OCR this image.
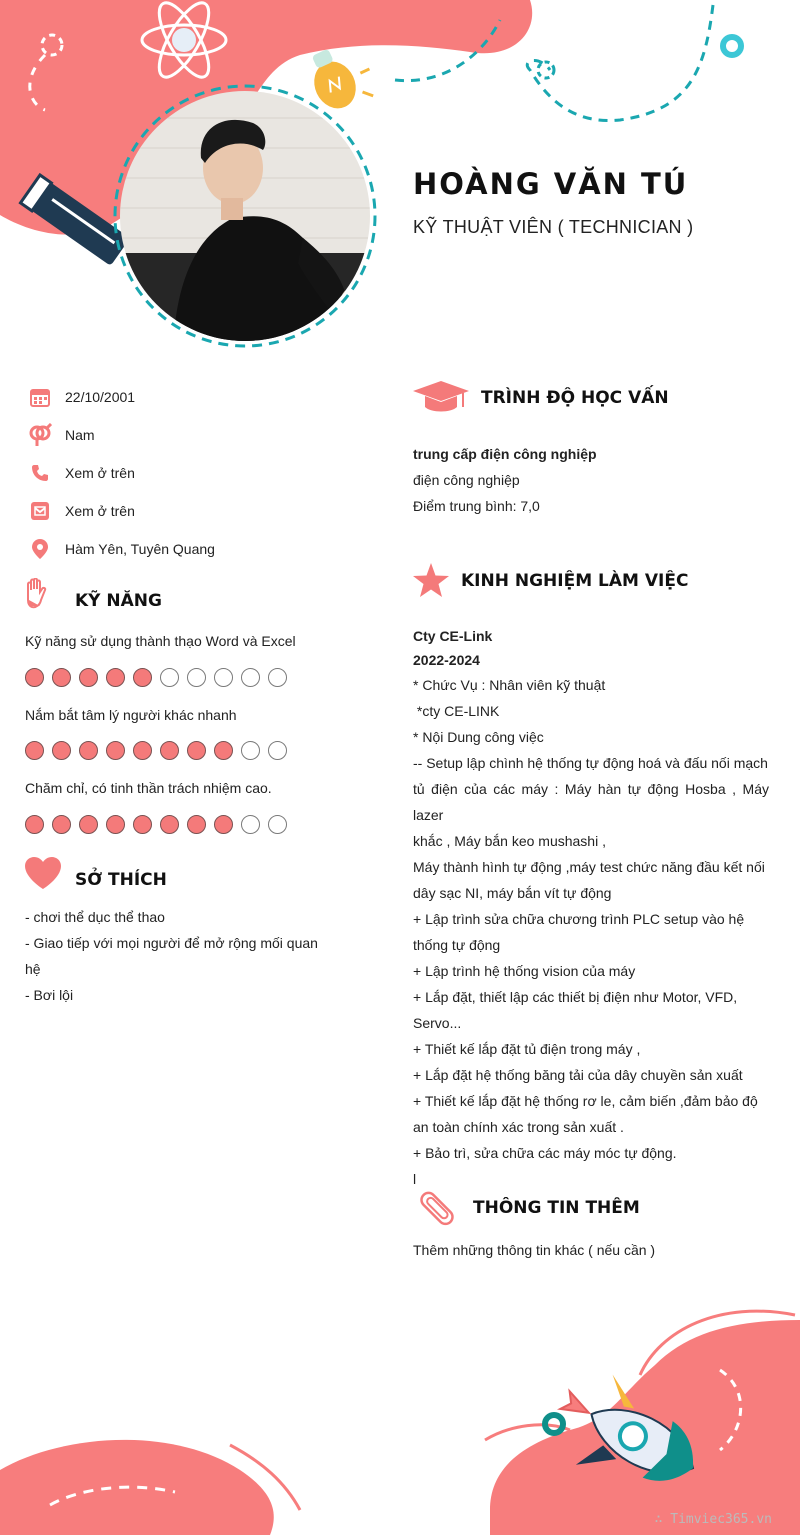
HOÀNG VĂN TÚ
KỸ THUẬT VIÊN ( TECHNICIAN )
22/10/2001
Nam
Xem ở trên
Xem ở trên
Hàm Yên, Tuyên Quang
KỸ NĂNG
Kỹ năng sử dụng thành thạo Word và Excel
Nắm bắt tâm lý người khác nhanh
Chăm chỉ, có tinh thần trách nhiệm cao.
SỞ THÍCH
- chơi thể dục thể thao
- Giao tiếp với mọi người để mở rộng mối quan
hệ
- Bơi lội
TRÌNH ĐỘ HỌC VẤN
trung cấp điện công nghiệp
điện công nghiệp
Điểm trung bình: 7,0
KINH NGHIỆM LÀM VIỆC
Cty CE-Link
2022-2024
* Chức Vụ : Nhân viên kỹ thuật
*cty CE-LINK
* Nội Dung công việc
-- Setup lập chình hệ thống tự động hoá và đấu nối mạch
tủ điện của các máy : Máy hàn tự động Hosba , Máy lazer
khắc , Máy bắn keo mushashi ,
Máy thành hình tự động ,máy test chức năng đầu kết nối
dây sạc NI, máy bắn vít tự động
+ Lập trình sửa chữa chương trình PLC setup vào hệ
thống tự động
+ Lập trình hệ thống vision của máy
+ Lắp đặt, thiết lập các thiết bị điện như Motor, VFD,
Servo...
+ Thiết kế lắp đặt tủ điện trong máy ,
+ Lắp đặt hệ thống băng tải của dây chuyền sản xuất
+ Thiết kế lắp đặt hệ thống rơ le, cảm biến ,đảm bảo độ
an toàn chính xác trong sản xuất .
+ Bảo trì, sửa chữa các máy móc tự động.
l
THÔNG TIN THÊM
Thêm những thông tin khác ( nếu cần )
∴ Timviec365.vn
